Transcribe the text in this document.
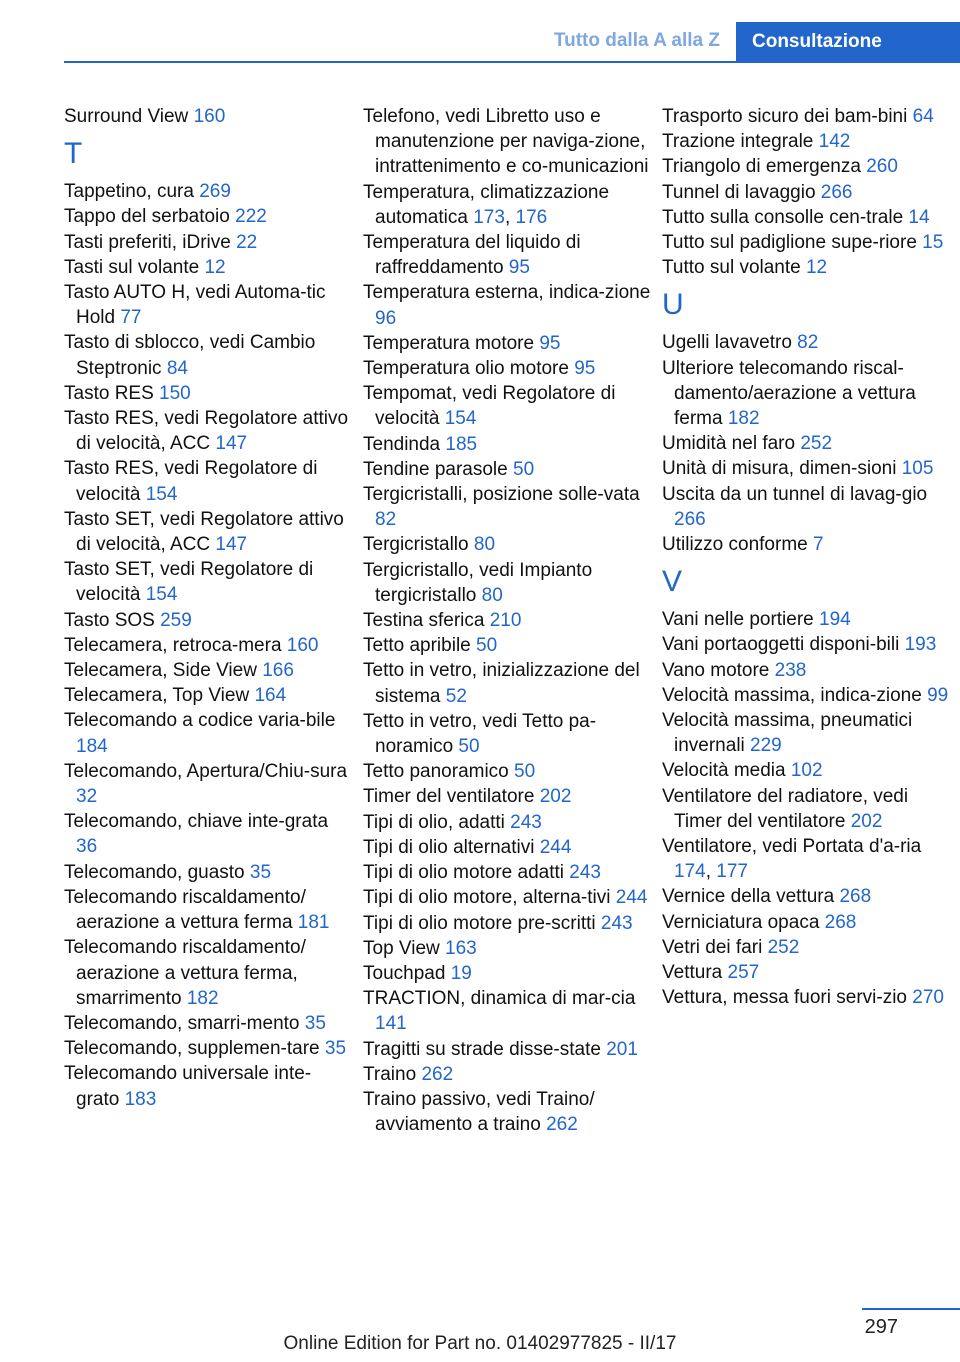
Tutto dalla A alla Z	Consultazione

Surround View 160

T

Tappetino, cura 269

Tappo del serbatoio 222

Tasti preferiti, iDrive 22

Tasti sul volante 12

Tasto AUTO H, vedi Automa‐tic Hold 77

Tasto di sblocco, vedi Cambio Steptronic 84

Tasto RES 150

Tasto RES, vedi Regolatore attivo di velocità, ACC 147

Tasto RES, vedi Regolatore di velocità 154

Tasto SET, vedi Regolatore attivo di velocità, ACC 147

Tasto SET, vedi Regolatore di velocità 154

Tasto SOS 259

Telecamera, retroca‐mera 160

Telecamera, Side View 166

Telecamera, Top View 164

Telecomando a codice varia‐bile 184

Telecomando, Apertura/Chiu‐sura 32

Telecomando, chiave inte‐grata 36

Telecomando, guasto 35

Telecomando riscaldamento/ aerazione a vettura ferma 181

Telecomando riscaldamento/ aerazione a vettura ferma, smarrimento 182

Telecomando, smarri‐mento 35

Telecomando, supplemen‐tare 35

Telecomando universale inte‐grato 183

Telefono, vedi Libretto uso e manutenzione per naviga‐zione, intrattenimento e co‐municazioni

Temperatura, climatizzazione automatica 173, 176

Temperatura del liquido di raffreddamento 95

Temperatura esterna, indica‐zione 96

Temperatura motore 95

Temperatura olio motore 95

Tempomat, vedi Regolatore di velocità 154

Tendinda 185

Tendine parasole 50

Tergicristalli, posizione solle‐vata 82

Tergicristallo 80

Tergicristallo, vedi Impianto tergicristallo 80

Testina sferica 210

Tetto apribile 50

Tetto in vetro, inizializzazione del sistema 52

Tetto in vetro, vedi Tetto pa‐noramico 50

Tetto panoramico 50

Timer del ventilatore 202

Tipi di olio, adatti 243

Tipi di olio alternativi 244

Tipi di olio motore adatti 243

Tipi di olio motore, alterna‐tivi 244

Tipi di olio motore pre‐scritti 243

Top View 163

Touchpad 19

TRACTION, dinamica di mar‐cia 141

Tragitti su strade disse‐state 201

Traino 262

Traino passivo, vedi Traino/ avviamento a traino 262

Trasporto sicuro dei bam‐bini 64

Trazione integrale 142

Triangolo di emergenza 260

Tunnel di lavaggio 266

Tutto sulla consolle cen‐trale 14

Tutto sul padiglione supe‐riore 15

Tutto sul volante 12

U

Ugelli lavavetro 82

Ulteriore telecomando riscal‐damento/aerazione a vettura ferma 182

Umidità nel faro 252

Unità di misura, dimen‐sioni 105

Uscita da un tunnel di lavag‐gio 266

Utilizzo conforme 7

V

Vani nelle portiere 194

Vani portaoggetti disponi‐bili 193

Vano motore 238

Velocità massima, indica‐zione 99

Velocità massima, pneumatici invernali 229

Velocità media 102

Ventilatore del radiatore, vedi Timer del ventilatore 202

Ventilatore, vedi Portata d'a‐ria 174, 177

Vernice della vettura 268

Verniciatura opaca 268

Vetri dei fari 252

Vettura 257

Vettura, messa fuori servi‐zio 270

297
Online Edition for Part no. 01402977825 - II/17
